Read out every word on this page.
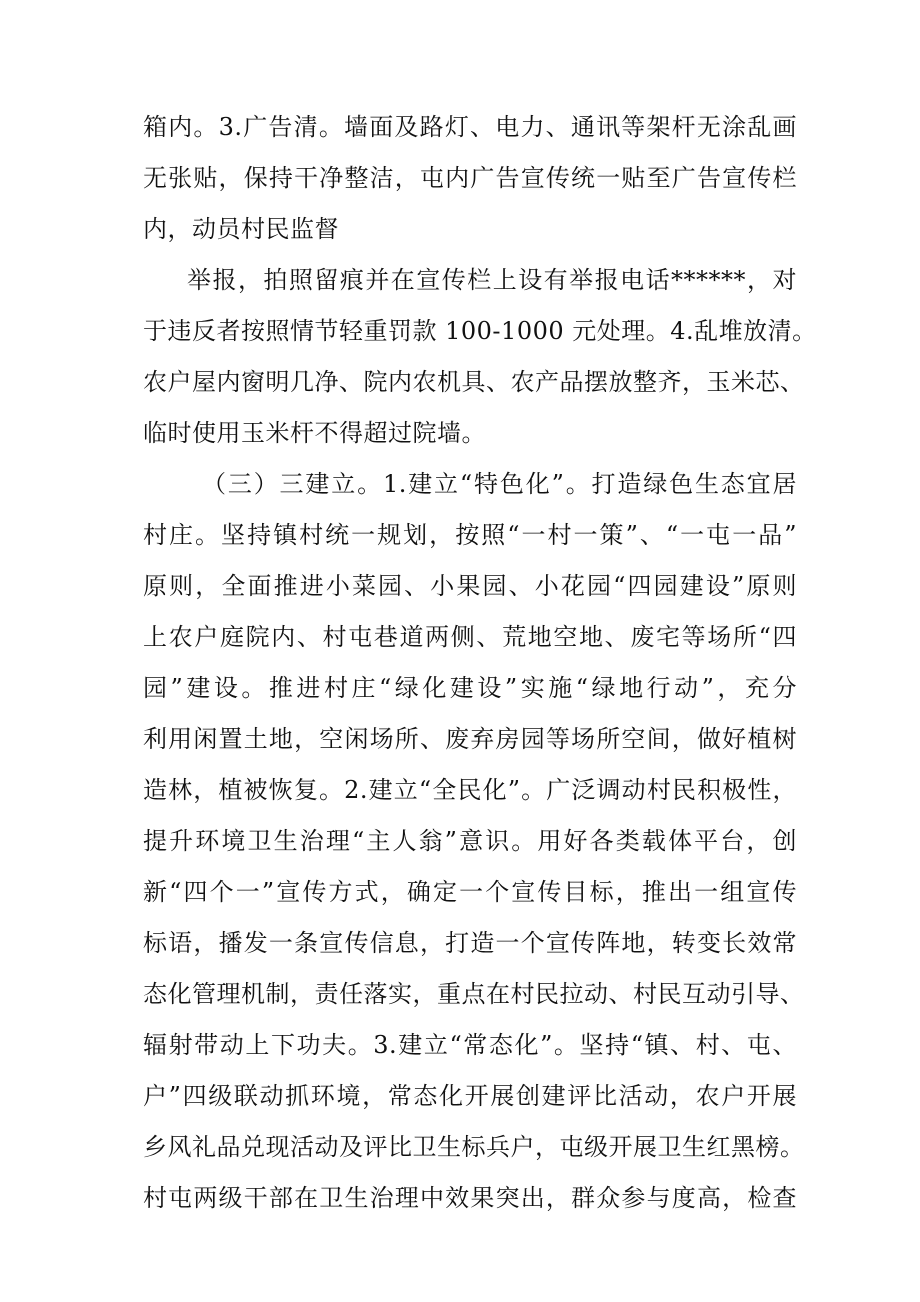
箱内。3.广告清。墙面及路灯、电力、通讯等架杆无涂乱画
无张贴，保持干净整洁，屯内广告宣传统一贴至广告宣传栏
内，动员村民监督
举报，拍照留痕并在宣传栏上设有举报电话******，对
于违反者按照情节轻重罚款 100-1000 元处理。4.乱堆放清。
农户屋内窗明几净、院内农机具、农产品摆放整齐，玉米芯、
临时使用玉米杆不得超过院墙。
（三）三建立。1.建立“特色化”。打造绿色生态宜居
村庄。坚持镇村统一规划，按照“一村一策”、“一屯一品”
原则，全面推进小菜园、小果园、小花园“四园建设”原则
上农户庭院内、村屯巷道两侧、荒地空地、废宅等场所“四
园”建设。推进村庄“绿化建设”实施“绿地行动”，充分
利用闲置土地，空闲场所、废弃房园等场所空间，做好植树
造林，植被恢复。2.建立“全民化”。广泛调动村民积极性，
提升环境卫生治理“主人翁”意识。用好各类载体平台，创
新“四个一”宣传方式，确定一个宣传目标，推出一组宣传
标语，播发一条宣传信息，打造一个宣传阵地，转变长效常
态化管理机制，责任落实，重点在村民拉动、村民互动引导、
辐射带动上下功夫。3.建立“常态化”。坚持“镇、村、屯、
户”四级联动抓环境，常态化开展创建评比活动，农户开展
乡风礼品兑现活动及评比卫生标兵户，屯级开展卫生红黑榜。
村屯两级干部在卫生治理中效果突出，群众参与度高，检查
